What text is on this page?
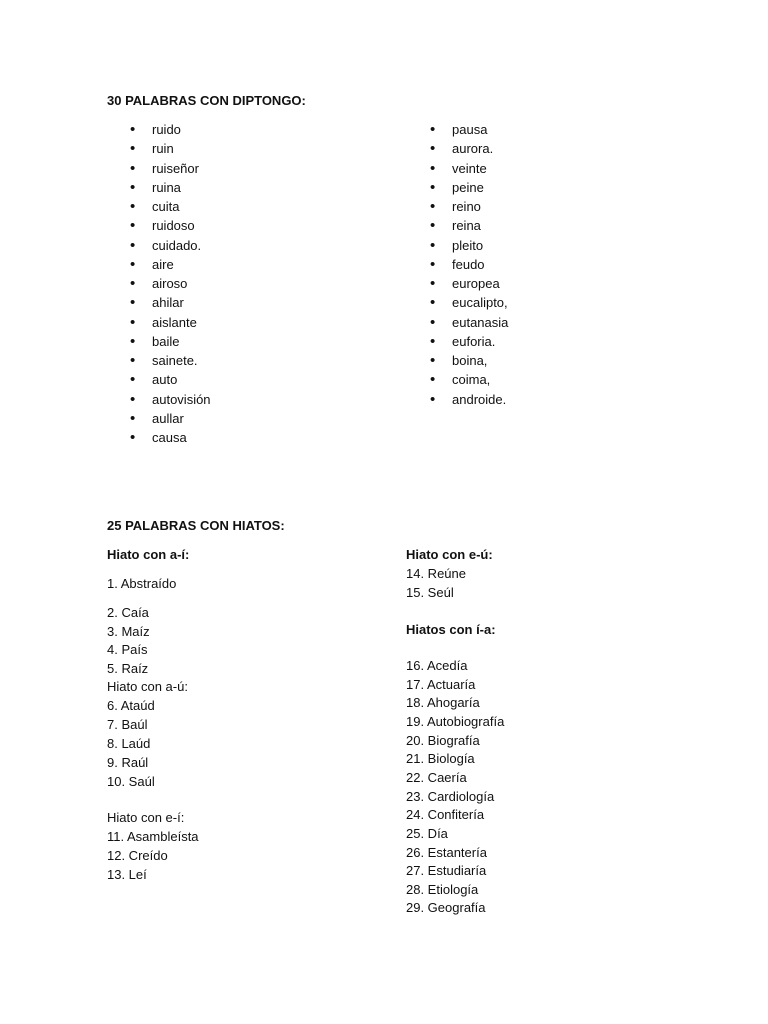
30 PALABRAS CON DIPTONGO:
• ruido
• ruin
• ruiseñor
• ruina
• cuita
• ruidoso
• cuidado.
• aire
• airoso
• ahilar
• aislante
• baile
• sainete.
• auto
• autovisión
• aullar
• causa
• pausa
• aurora.
• veinte
• peine
• reino
• reina
• pleito
• feudo
• europea
• eucalipto,
• eutanasia
• euforia.
• boina,
• coima,
• androide.
25 PALABRAS CON HIATOS:
Hiato con a-í:
1. Abstraído
2. Caía
3. Maíz
4. País
5. Raíz
Hiato con a-ú:
6. Ataúd
7. Baúl
8. Laúd
9. Raúl
10. Saúl
Hiato con e-í:
11. Asambleísta
12. Creído
13. Leí
Hiato con e-ú:
14. Reúne
15. Seúl
Hiatos con í-a:
16. Acedía
17. Actuaría
18. Ahogaría
19. Autobiografía
20. Biografía
21. Biología
22. Caería
23. Cardiología
24. Confitería
25. Día
26. Estantería
27. Estudiaría
28. Etiología
29. Geografía
